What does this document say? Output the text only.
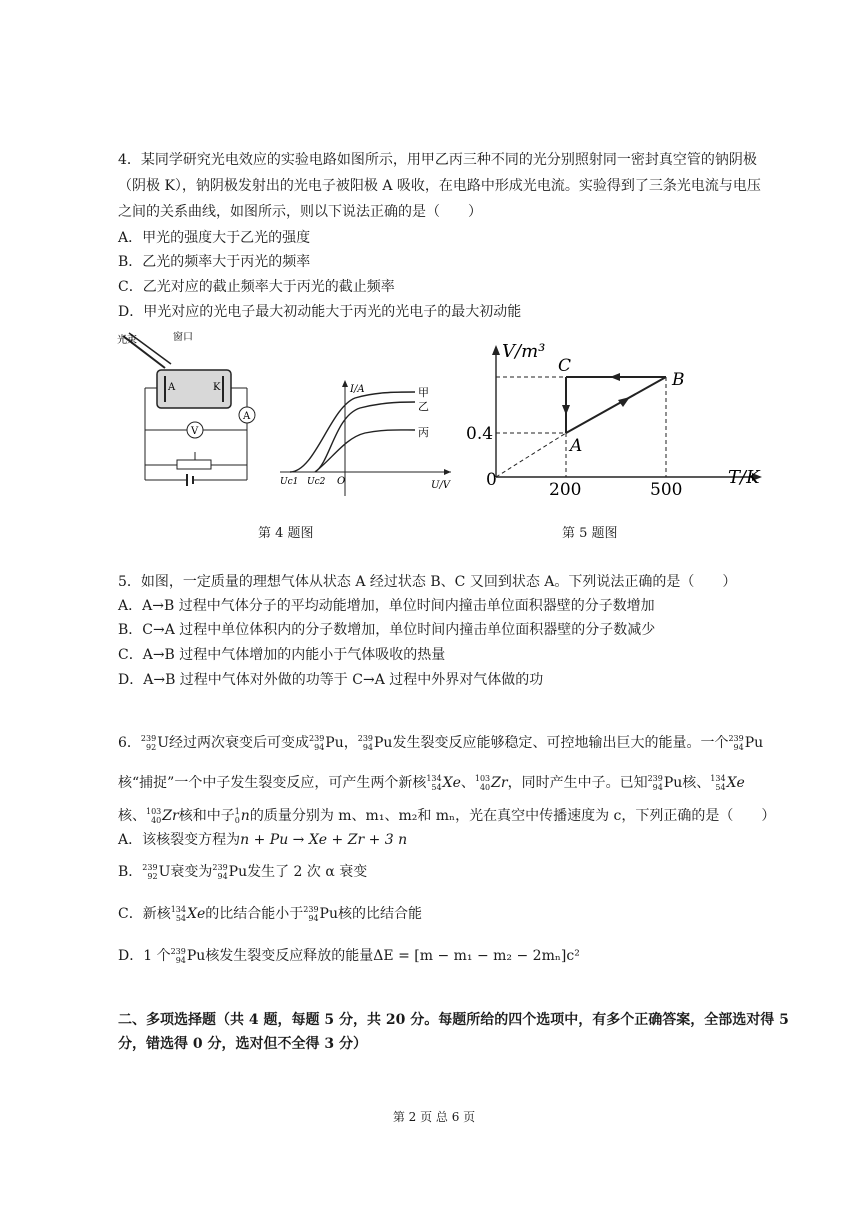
4．某同学研究光电效应的实验电路如图所示，用甲乙丙三种不同的光分别照射同一密封真空管的钠阴极
（阴极 K），钠阴极发射出的光电子被阳极 A 吸收，在电路中形成光电流。实验得到了三条光电流与电压
之间的关系曲线，如图所示，则以下说法正确的是（　　）
A．甲光的强度大于乙光的强度
B．乙光的频率大于丙光的频率
C．乙光对应的截止频率大于丙光的截止频率
D．甲光对应的光电子最大初动能大于丙光的光电子的最大初动能
光束	窗口
A	K
A
V
I/A
U/V
O
Uc1 Uc2
甲
乙
丙
V/m³
T/K
0
0.4
200	500
A
B
C
第 4 题图	第 5 题图
5．如图，一定质量的理想气体从状态 A 经过状态 B、C 又回到状态 A。下列说法正确的是（　　）
A．A→B 过程中气体分子的平均动能增加，单位时间内撞击单位面积器壁的分子数增加
B．C→A 过程中单位体积内的分子数增加，单位时间内撞击单位面积器壁的分子数减少
C．A→B 过程中气体增加的内能小于气体吸收的热量
D．A→B 过程中气体对外做的功等于 C→A 过程中外界对气体做的功
6． 239
92 U经过两次衰变后可变成 239
94 Pu， 239
94 Pu发生裂变反应能够稳定、可控地输出巨大的能量。一个 239
94 Pu
核“捕捉”一个中子发生裂变反应，可产生两个新核 134
54 Xe、 103
40 Zr，同时产生中子。已知 239
94 Pu核、 134
54 Xe
核、 103
40 Zr核和中子 1
0 n的质量分别为 m、m₁、m₂和 mₙ，光在真空中传播速度为 c，下列正确的是（　　）
A．该核裂变方程为n + Pu → Xe + Zr + 3 n
B． 239
92 U衰变为 239
94 Pu发生了 2 次 α 衰变
C．新核 134
54 Xe的比结合能小于 239
94 Pu核的比结合能
D．1 个 239
94 Pu核发生裂变反应释放的能量ΔE = [m − m₁ − m₂ − 2mₙ]c²
二、多项选择题（共 4 题，每题 5 分，共 20 分。每题所给的四个选项中，有多个正确答案，全部选对得 5
分，错选得 0 分，选对但不全得 3 分）
第 2 页 总 6 页
